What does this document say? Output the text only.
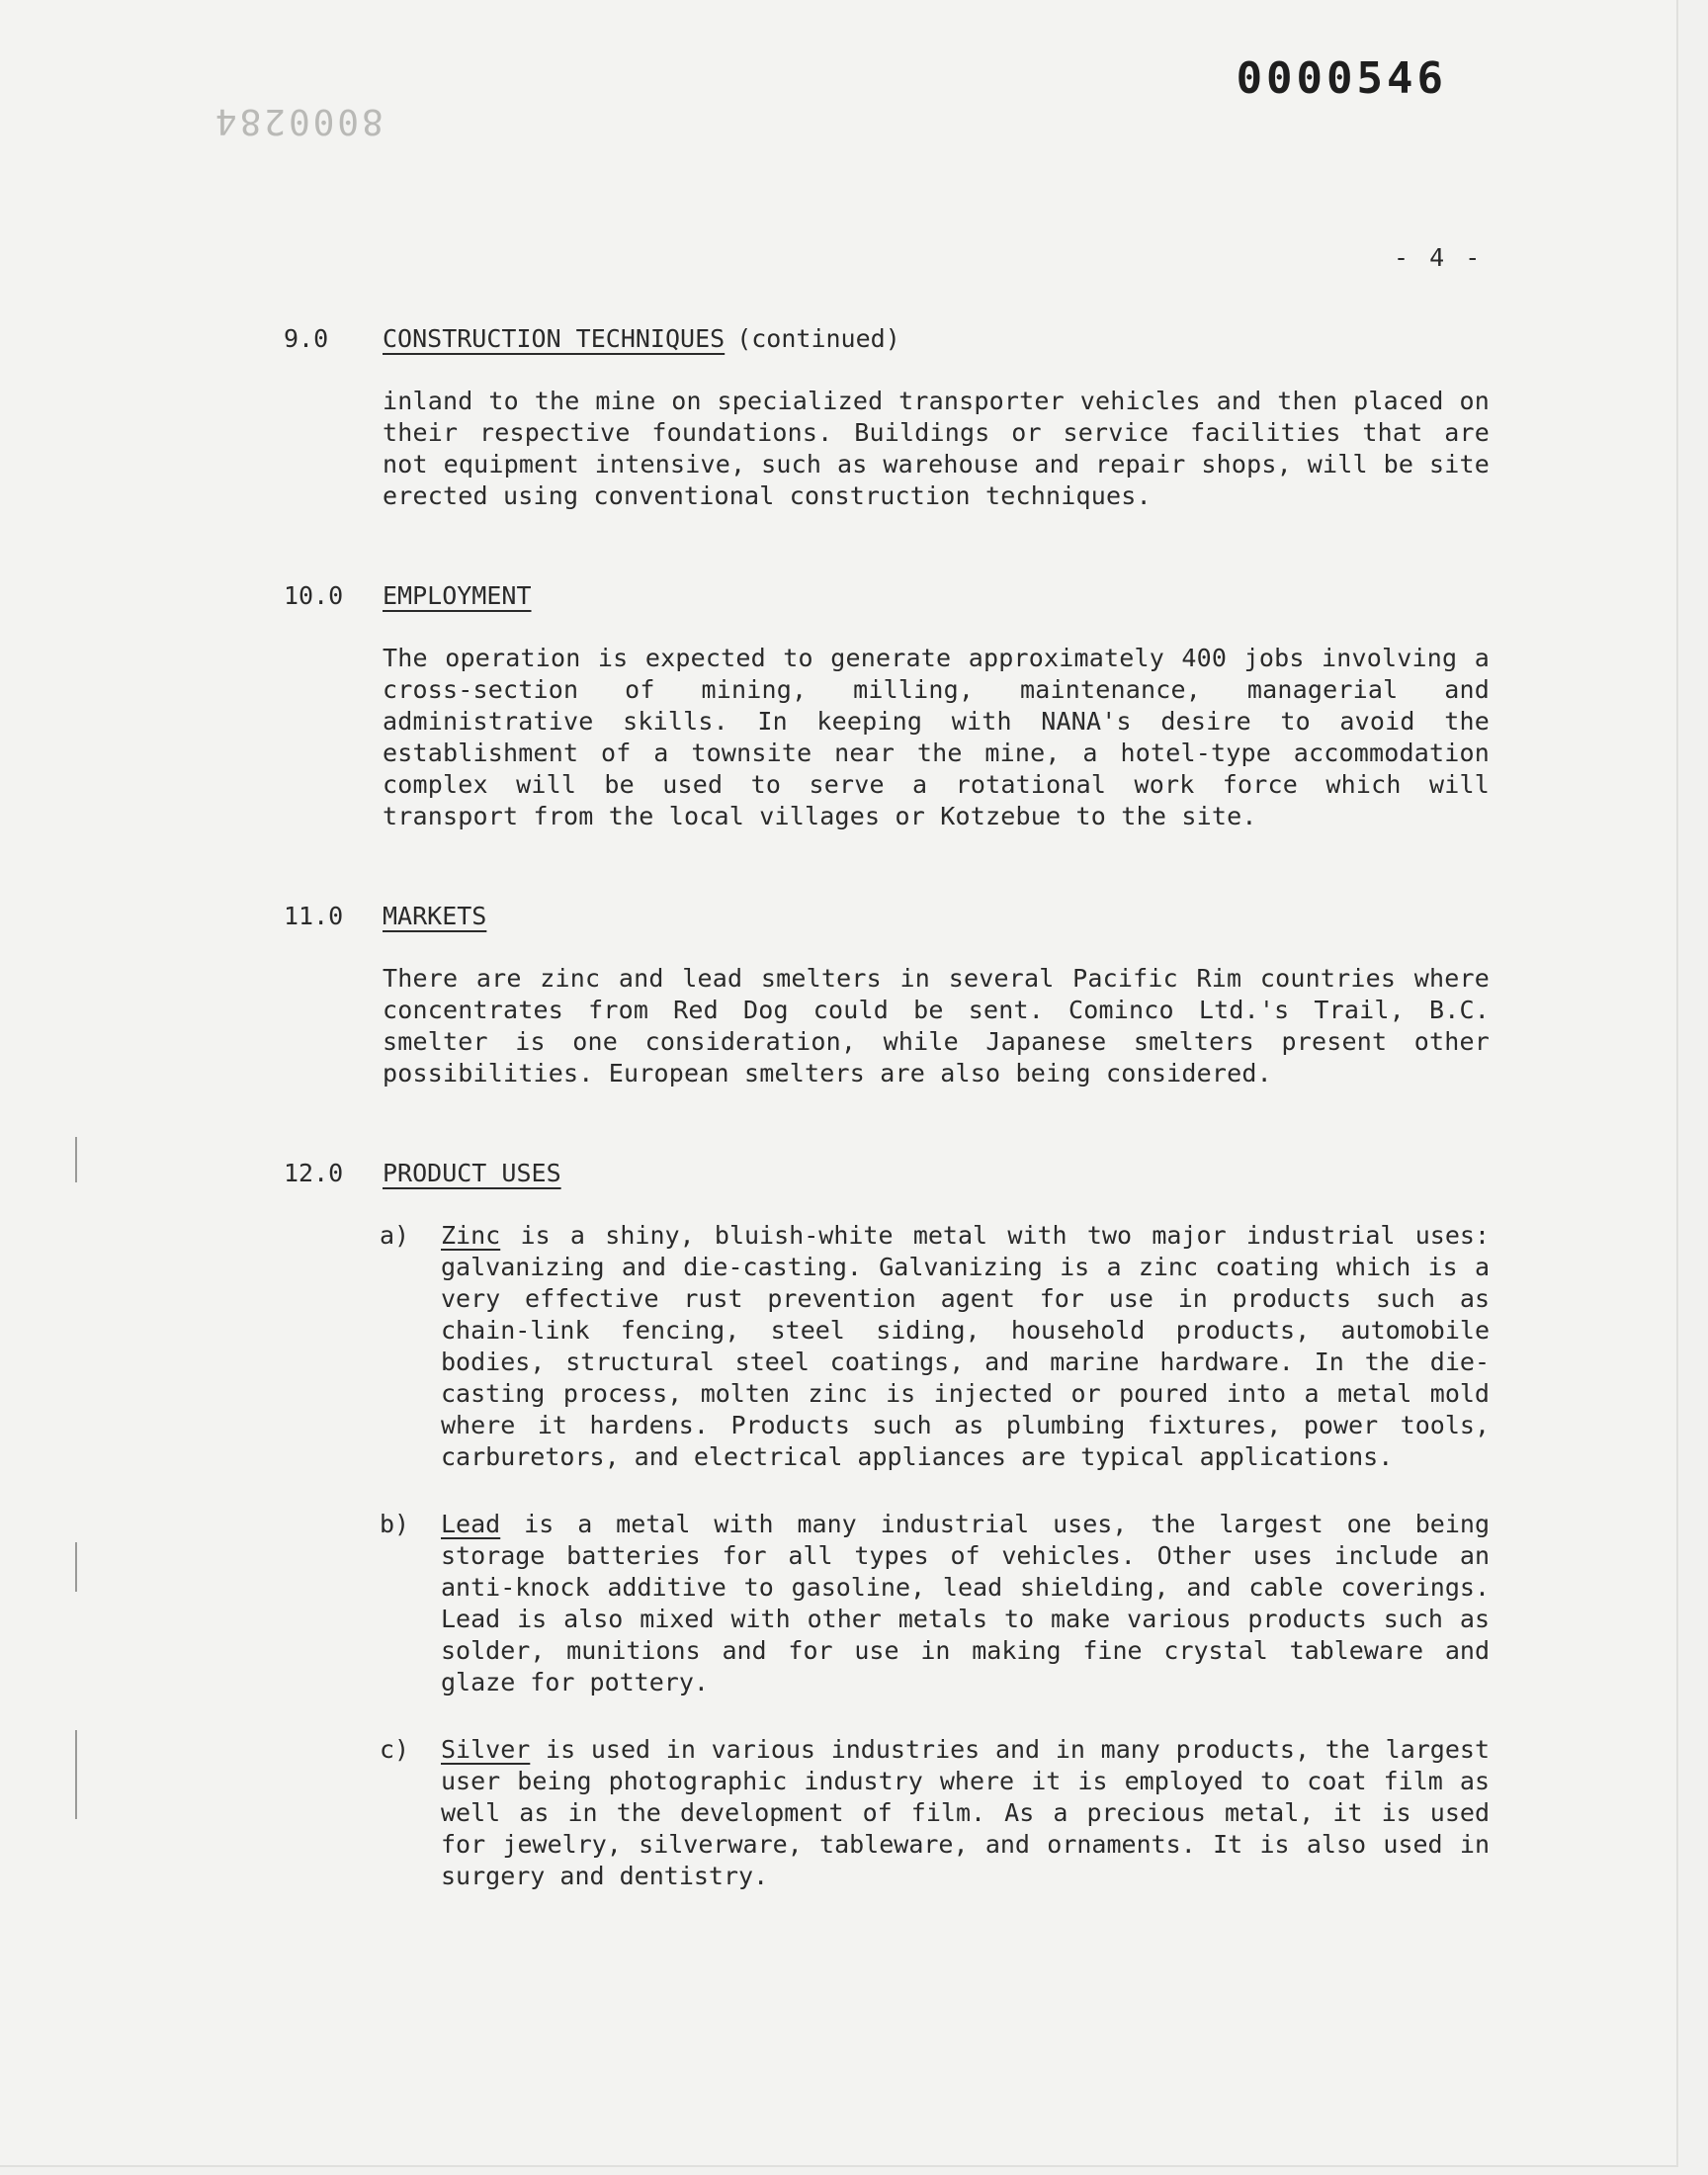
0000546
8000284
- 4 -
9.0	CONSTRUCTION TECHNIQUES (continued)
inland to the mine on specialized transporter vehicles and then placed on their respective foundations. Buildings or service facilities that are not equipment intensive, such as warehouse and repair shops, will be site erected using conventional construction techniques.
10.0	EMPLOYMENT
The operation is expected to generate approximately 400 jobs involving a cross-section of mining, milling, maintenance, managerial and administrative skills. In keeping with NANA's desire to avoid the establishment of a townsite near the mine, a hotel-type accommodation complex will be used to serve a rotational work force which will transport from the local villages or Kotzebue to the site.
11.0	MARKETS
There are zinc and lead smelters in several Pacific Rim countries where concentrates from Red Dog could be sent. Cominco Ltd.'s Trail, B.C. smelter is one consideration, while Japanese smelters present other possibilities. European smelters are also being considered.
12.0	PRODUCT USES
a)	Zinc is a shiny, bluish-white metal with two major industrial uses: galvanizing and die-casting. Galvanizing is a zinc coating which is a very effective rust prevention agent for use in products such as chain-link fencing, steel siding, household products, automobile bodies, structural steel coatings, and marine hardware. In the die-casting process, molten zinc is injected or poured into a metal mold where it hardens. Products such as plumbing fixtures, power tools, carburetors, and electrical appliances are typical applications.
b)	Lead is a metal with many industrial uses, the largest one being storage batteries for all types of vehicles. Other uses include an anti-knock additive to gasoline, lead shielding, and cable coverings. Lead is also mixed with other metals to make various products such as solder, munitions and for use in making fine crystal tableware and glaze for pottery.
c)	Silver is used in various industries and in many products, the largest user being photographic industry where it is employed to coat film as well as in the development of film. As a precious metal, it is used for jewelry, silverware, tableware, and ornaments. It is also used in surgery and dentistry.
